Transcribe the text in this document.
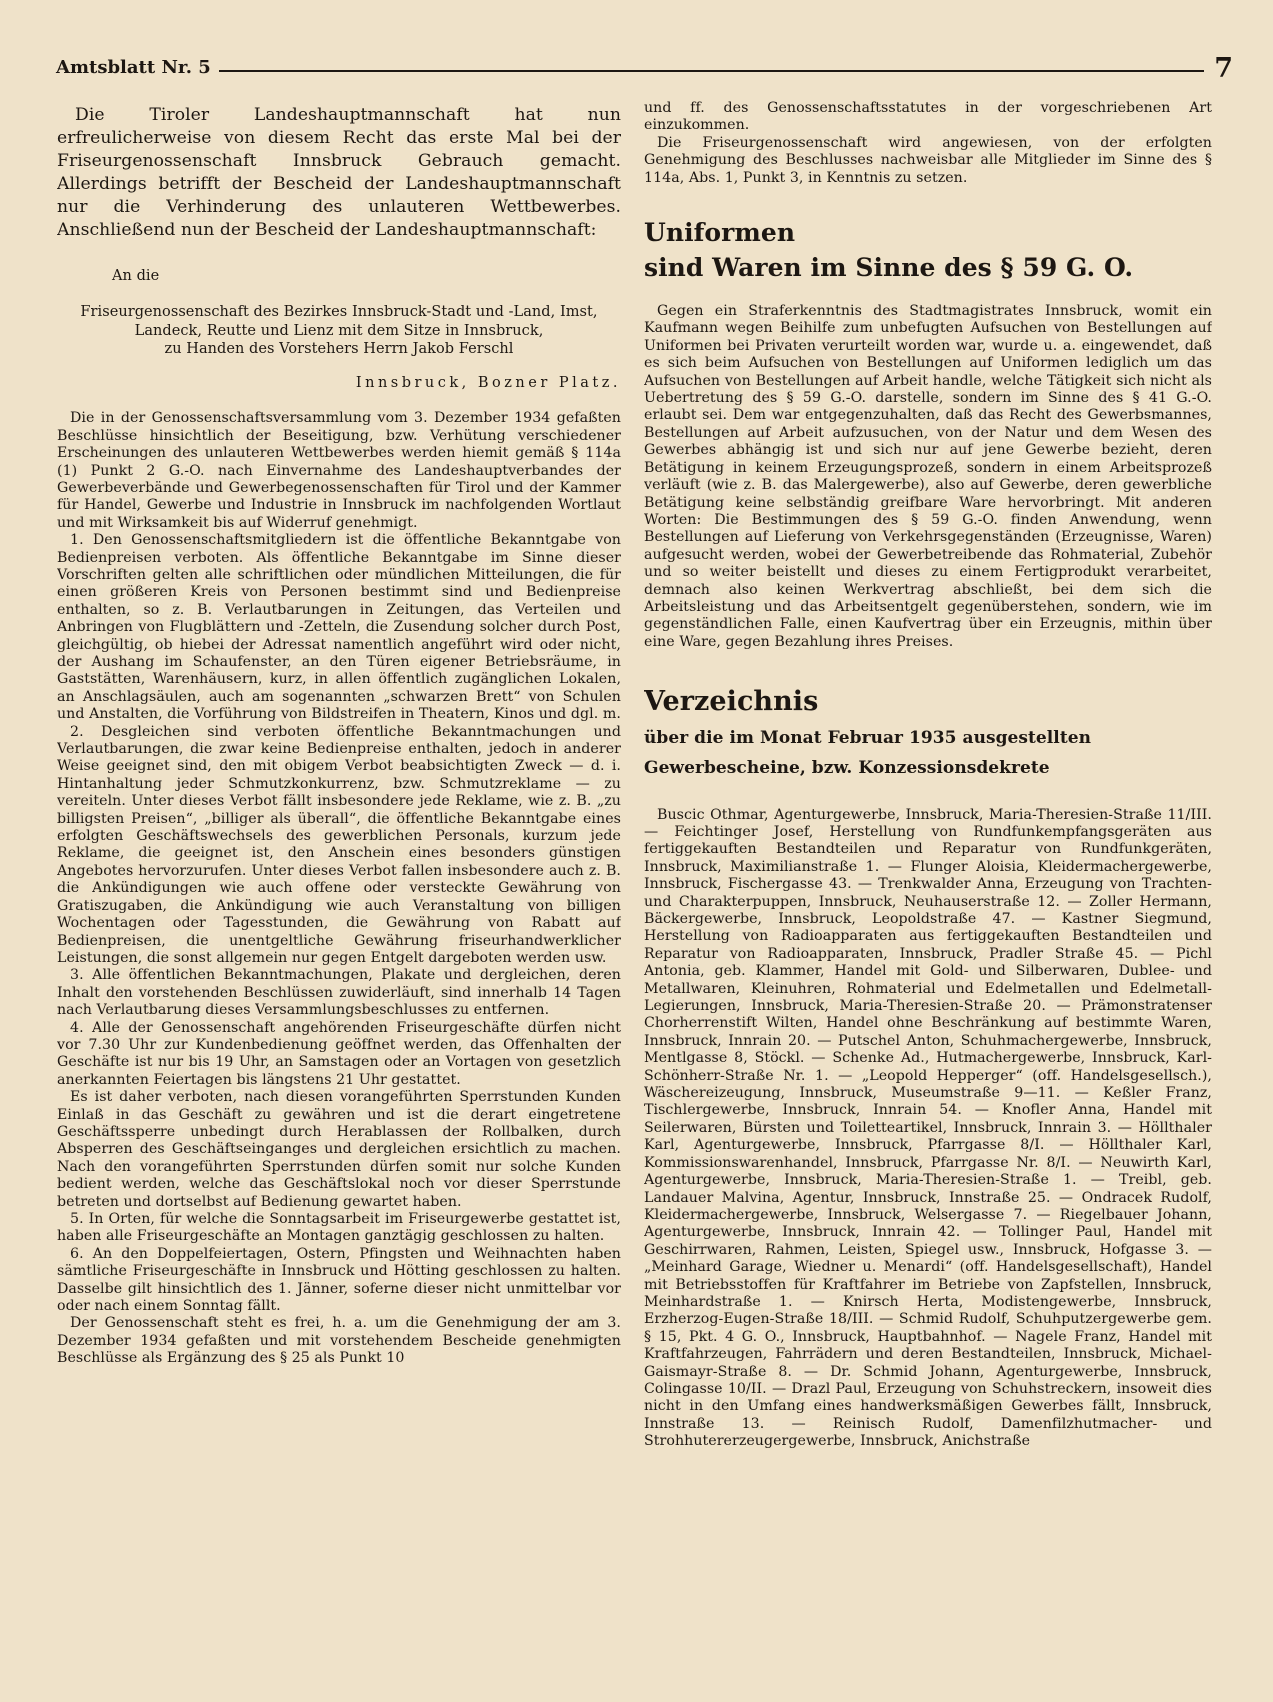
Amtsblatt Nr. 5	7

Die Tiroler Landeshauptmannschaft hat nun erfreulicherweise von diesem Recht das erste Mal bei der Friseurgenossenschaft Innsbruck Gebrauch gemacht. Allerdings betrifft der Bescheid der Landeshauptmannschaft nur die Verhinderung des unlauteren Wettbewerbes. Anschließend nun der Bescheid der Landeshauptmannschaft:

An die

Friseurgenossenschaft des Bezirkes Innsbruck-Stadt und -Land, Imst, Landeck, Reutte und Lienz mit dem Sitze in Innsbruck,

zu Handen des Vorstehers Herrn Jakob Ferschl

Innsbruck, Bozner Platz.

Die in der Genossenschaftsversammlung vom 3. Dezember 1934 gefaßten Beschlüsse hinsichtlich der Beseitigung, bzw. Verhütung verschiedener Erscheinungen des unlauteren Wettbewerbes werden hiemit gemäß § 114a (1) Punkt 2 G.-O. nach Einvernahme des Landeshauptverbandes der Gewerbeverbände und Gewerbegenossenschaften für Tirol und der Kammer für Handel, Gewerbe und Industrie in Innsbruck im nachfolgenden Wortlaut und mit Wirksamkeit bis auf Widerruf genehmigt.

1. Den Genossenschaftsmitgliedern ist die öffentliche Bekanntgabe von Bedienpreisen verboten. Als öffentliche Bekanntgabe im Sinne dieser Vorschriften gelten alle schriftlichen oder mündlichen Mitteilungen, die für einen größeren Kreis von Personen bestimmt sind und Bedienpreise enthalten, so z. B. Verlautbarungen in Zeitungen, das Verteilen und Anbringen von Flugblättern und -Zetteln, die Zusendung solcher durch Post, gleichgültig, ob hiebei der Adressat namentlich angeführt wird oder nicht, der Aushang im Schaufenster, an den Türen eigener Betriebsräume, in Gaststätten, Warenhäusern, kurz, in allen öffentlich zugänglichen Lokalen, an Anschlagsäulen, auch am sogenannten „schwarzen Brett“ von Schulen und Anstalten, die Vorführung von Bildstreifen in Theatern, Kinos und dgl. m.

2. Desgleichen sind verboten öffentliche Bekanntmachungen und Verlautbarungen, die zwar keine Bedienpreise enthalten, jedoch in anderer Weise geeignet sind, den mit obigem Verbot beabsichtigten Zweck — d. i. Hintanhaltung jeder Schmutzkonkurrenz, bzw. Schmutzreklame — zu vereiteln. Unter dieses Verbot fällt insbesondere jede Reklame, wie z. B. „zu billigsten Preisen“, „billiger als überall“, die öffentliche Bekanntgabe eines erfolgten Geschäftswechsels des gewerblichen Personals, kurzum jede Reklame, die geeignet ist, den Anschein eines besonders günstigen Angebotes hervorzurufen. Unter dieses Verbot fallen insbesondere auch z. B. die Ankündigungen wie auch offene oder versteckte Gewährung von Gratiszugaben, die Ankündigung wie auch Veranstaltung von billigen Wochentagen oder Tagesstunden, die Gewährung von Rabatt auf Bedienpreisen, die unentgeltliche Gewährung friseurhandwerklicher Leistungen, die sonst allgemein nur gegen Entgelt dargeboten werden usw.

3. Alle öffentlichen Bekanntmachungen, Plakate und dergleichen, deren Inhalt den vorstehenden Beschlüssen zuwiderläuft, sind innerhalb 14 Tagen nach Verlautbarung dieses Versammlungsbeschlusses zu entfernen.

4. Alle der Genossenschaft angehörenden Friseurgeschäfte dürfen nicht vor 7.30 Uhr zur Kundenbedienung geöffnet werden, das Offenhalten der Geschäfte ist nur bis 19 Uhr, an Samstagen oder an Vortagen von gesetzlich anerkannten Feiertagen bis längstens 21 Uhr gestattet.

Es ist daher verboten, nach diesen vorangeführten Sperrstunden Kunden Einlaß in das Geschäft zu gewähren und ist die derart eingetretene Geschäftssperre unbedingt durch Herablassen der Rollbalken, durch Absperren des Geschäftseinganges und dergleichen ersichtlich zu machen. Nach den vorangeführten Sperrstunden dürfen somit nur solche Kunden bedient werden, welche das Geschäftslokal noch vor dieser Sperrstunde betreten und dortselbst auf Bedienung gewartet haben.

5. In Orten, für welche die Sonntagsarbeit im Friseurgewerbe gestattet ist, haben alle Friseurgeschäfte an Montagen ganztägig geschlossen zu halten.

6. An den Doppelfeiertagen, Ostern, Pfingsten und Weihnachten haben sämtliche Friseurgeschäfte in Innsbruck und Hötting geschlossen zu halten. Dasselbe gilt hinsichtlich des 1. Jänner, soferne dieser nicht unmittelbar vor oder nach einem Sonntag fällt.

Der Genossenschaft steht es frei, h. a. um die Genehmigung der am 3. Dezember 1934 gefaßten und mit vorstehendem Bescheide genehmigten Beschlüsse als Ergänzung des § 25 als Punkt 10

und ff. des Genossenschaftsstatutes in der vorgeschriebenen Art einzukommen.

Die Friseurgenossenschaft wird angewiesen, von der erfolgten Genehmigung des Beschlusses nachweisbar alle Mitglieder im Sinne des § 114a, Abs. 1, Punkt 3, in Kenntnis zu setzen.

Uniformen
sind Waren im Sinne des § 59 G. O.

Gegen ein Straferkenntnis des Stadtmagistrates Innsbruck, womit ein Kaufmann wegen Beihilfe zum unbefugten Aufsuchen von Bestellungen auf Uniformen bei Privaten verurteilt worden war, wurde u. a. eingewendet, daß es sich beim Aufsuchen von Bestellungen auf Uniformen lediglich um das Aufsuchen von Bestellungen auf Arbeit handle, welche Tätigkeit sich nicht als Uebertretung des § 59 G.-O. darstelle, sondern im Sinne des § 41 G.-O. erlaubt sei. Dem war entgegenzuhalten, daß das Recht des Gewerbsmannes, Bestellungen auf Arbeit aufzusuchen, von der Natur und dem Wesen des Gewerbes abhängig ist und sich nur auf jene Gewerbe bezieht, deren Betätigung in keinem Erzeugungsprozeß, sondern in einem Arbeitsprozeß verläuft (wie z. B. das Malergewerbe), also auf Gewerbe, deren gewerbliche Betätigung keine selbständig greifbare Ware hervorbringt. Mit anderen Worten: Die Bestimmungen des § 59 G.-O. finden Anwendung, wenn Bestellungen auf Lieferung von Verkehrsgegenständen (Erzeugnisse, Waren) aufgesucht werden, wobei der Gewerbetreibende das Rohmaterial, Zubehör und so weiter beistellt und dieses zu einem Fertigprodukt verarbeitet, demnach also keinen Werkvertrag abschließt, bei dem sich die Arbeitsleistung und das Arbeitsentgelt gegenüberstehen, sondern, wie im gegenständlichen Falle, einen Kaufvertrag über ein Erzeugnis, mithin über eine Ware, gegen Bezahlung ihres Preises.

Verzeichnis
über die im Monat Februar 1935 ausgestellten Gewerbescheine, bzw. Konzessionsdekrete

Buscic Othmar, Agenturgewerbe, Innsbruck, Maria-Theresien-Straße 11/III. — Feichtinger Josef, Herstellung von Rundfunkempfangsgeräten aus fertiggekauften Bestandteilen und Reparatur von Rundfunkgeräten, Innsbruck, Maximilianstraße 1. — Flunger Aloisia, Kleidermachergewerbe, Innsbruck, Fischergasse 43. — Trenkwalder Anna, Erzeugung von Trachten- und Charakterpuppen, Innsbruck, Neuhauserstraße 12. — Zoller Hermann, Bäckergewerbe, Innsbruck, Leopoldstraße 47. — Kastner Siegmund, Herstellung von Radioapparaten aus fertiggekauften Bestandteilen und Reparatur von Radioapparaten, Innsbruck, Pradler Straße 45. — Pichl Antonia, geb. Klammer, Handel mit Gold- und Silberwaren, Dublee- und Metallwaren, Kleinuhren, Rohmaterial und Edelmetallen und Edelmetall-Legierungen, Innsbruck, Maria-Theresien-Straße 20. — Prämonstratenser Chorherrenstift Wilten, Handel ohne Beschränkung auf bestimmte Waren, Innsbruck, Innrain 20. — Putschel Anton, Schuhmachergewerbe, Innsbruck, Mentlgasse 8, Stöckl. — Schenke Ad., Hutmachergewerbe, Innsbruck, Karl-Schönherr-Straße Nr. 1. — „Leopold Hepperger“ (off. Handelsgesellsch.), Wäschereizeugung, Innsbruck, Museumstraße 9—11. — Keßler Franz, Tischlergewerbe, Innsbruck, Innrain 54. — Knofler Anna, Handel mit Seilerwaren, Bürsten und Toiletteartikel, Innsbruck, Innrain 3. — Höllthaler Karl, Agenturgewerbe, Innsbruck, Pfarrgasse 8/I. — Höllthaler Karl, Kommissionswarenhandel, Innsbruck, Pfarrgasse Nr. 8/I. — Neuwirth Karl, Agenturgewerbe, Innsbruck, Maria-Theresien-Straße 1. — Treibl, geb. Landauer Malvina, Agentur, Innsbruck, Innstraße 25. — Ondracek Rudolf, Kleidermachergewerbe, Innsbruck, Welsergasse 7. — Riegelbauer Johann, Agenturgewerbe, Innsbruck, Innrain 42. — Tollinger Paul, Handel mit Geschirrwaren, Rahmen, Leisten, Spiegel usw., Innsbruck, Hofgasse 3. — „Meinhard Garage, Wiedner u. Menardi“ (off. Handelsgesellschaft), Handel mit Betriebsstoffen für Kraftfahrer im Betriebe von Zapfstellen, Innsbruck, Meinhardstraße 1. — Knirsch Herta, Modistengewerbe, Innsbruck, Erzherzog-Eugen-Straße 18/III. — Schmid Rudolf, Schuhputzergewerbe gem. § 15, Pkt. 4 G. O., Innsbruck, Hauptbahnhof. — Nagele Franz, Handel mit Kraftfahrzeugen, Fahrrädern und deren Bestandteilen, Innsbruck, Michael-Gaismayr-Straße 8. — Dr. Schmid Johann, Agenturgewerbe, Innsbruck, Colingasse 10/II. — Drazl Paul, Erzeugung von Schuhstreckern, insoweit dies nicht in den Umfang eines handwerksmäßigen Gewerbes fällt, Innsbruck, Innstraße 13. — Reinisch Rudolf, Damenfilzhutmacher- und Strohhutererzeugergewerbe, Innsbruck, Anichstraße
